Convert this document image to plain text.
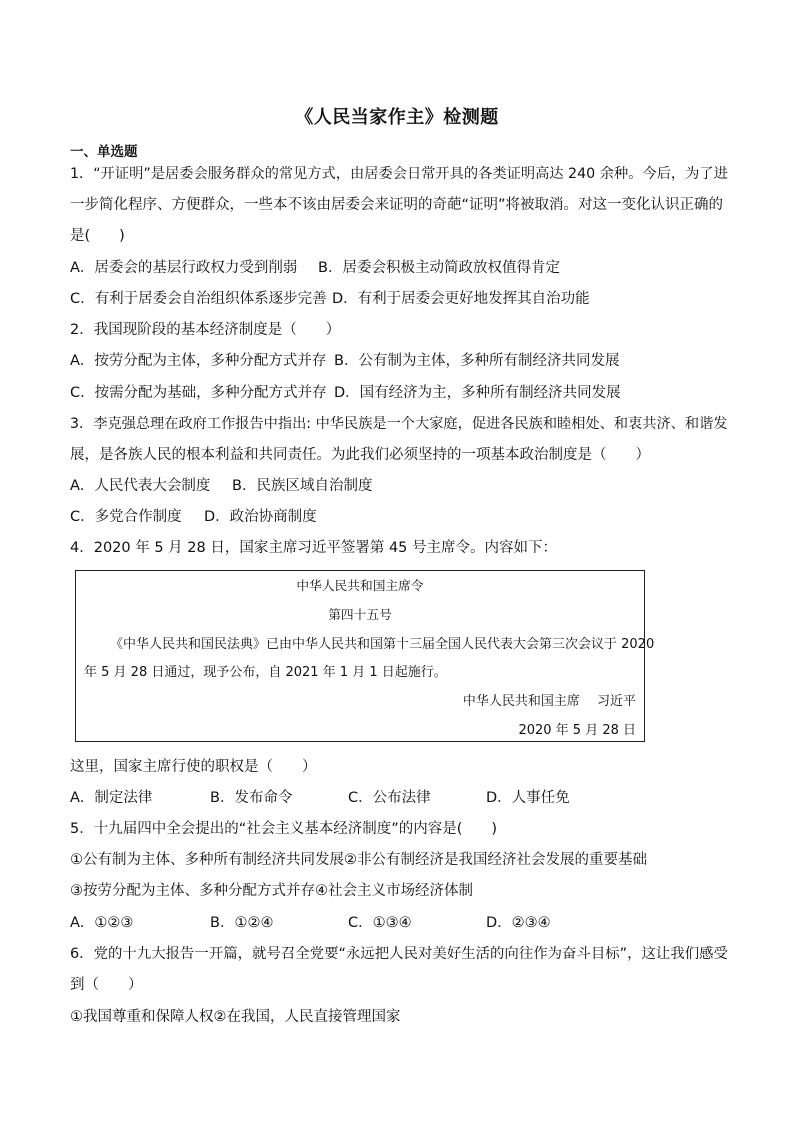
《人民当家作主》检测题
一、单选题
1．“开证明”是居委会服务群众的常见方式，由居委会日常开具的各类证明高达 240 余种。今后，为了进
一步简化程序、方便群众，一些本不该由居委会来证明的奇葩“证明”将被取消。对这一变化认识正确的
是(　　)
A．居委会的基层行政权力受到削弱 B．居委会积极主动简政放权值得肯定
C．有利于居委会自治组织体系逐步完善 D．有利于居委会更好地发挥其自治功能
2．我国现阶段的基本经济制度是（　　）
A．按劳分配为主体，多种分配方式并存 B．公有制为主体，多种所有制经济共同发展
C．按需分配为基础，多种分配方式并存 D．国有经济为主，多种所有制经济共同发展
3．李克强总理在政府工作报告中指出: 中华民族是一个大家庭，促进各民族和睦相处、和衷共济、和谐发
展，是各族人民的根本利益和共同责任。为此我们必须坚持的一项基本政治制度是（　　）
A．人民代表大会制度 B．民族区域自治制度
C．多党合作制度 D．政治协商制度
4．2020 年 5 月 28 日，国家主席习近平签署第 45 号主席令。内容如下：
中华人民共和国主席令
第四十五号
《中华人民共和国民法典》已由中华人民共和国第十三届全国人民代表大会第三次会议于 2020
年 5 月 28 日通过，现予公布，自 2021 年 1 月 1 日起施行。
中华人民共和国主席　 习近平
2020 年 5 月 28 日
这里，国家主席行使的职权是（　　）
A．制定法律	B．发布命令	C．公布法律	D．人事任免
5．十九届四中全会提出的“社会主义基本经济制度”的内容是(　　)
①公有制为主体、多种所有制经济共同发展②非公有制经济是我国经济社会发展的重要基础
③按劳分配为主体、多种分配方式并存④社会主义市场经济体制
A．①②③	B．①②④	C．①③④	D．②③④
6．党的十九大报告一开篇，就号召全党要“永远把人民对美好生活的向往作为奋斗目标”，这让我们感受
到（　　）
①我国尊重和保障人权②在我国，人民直接管理国家
